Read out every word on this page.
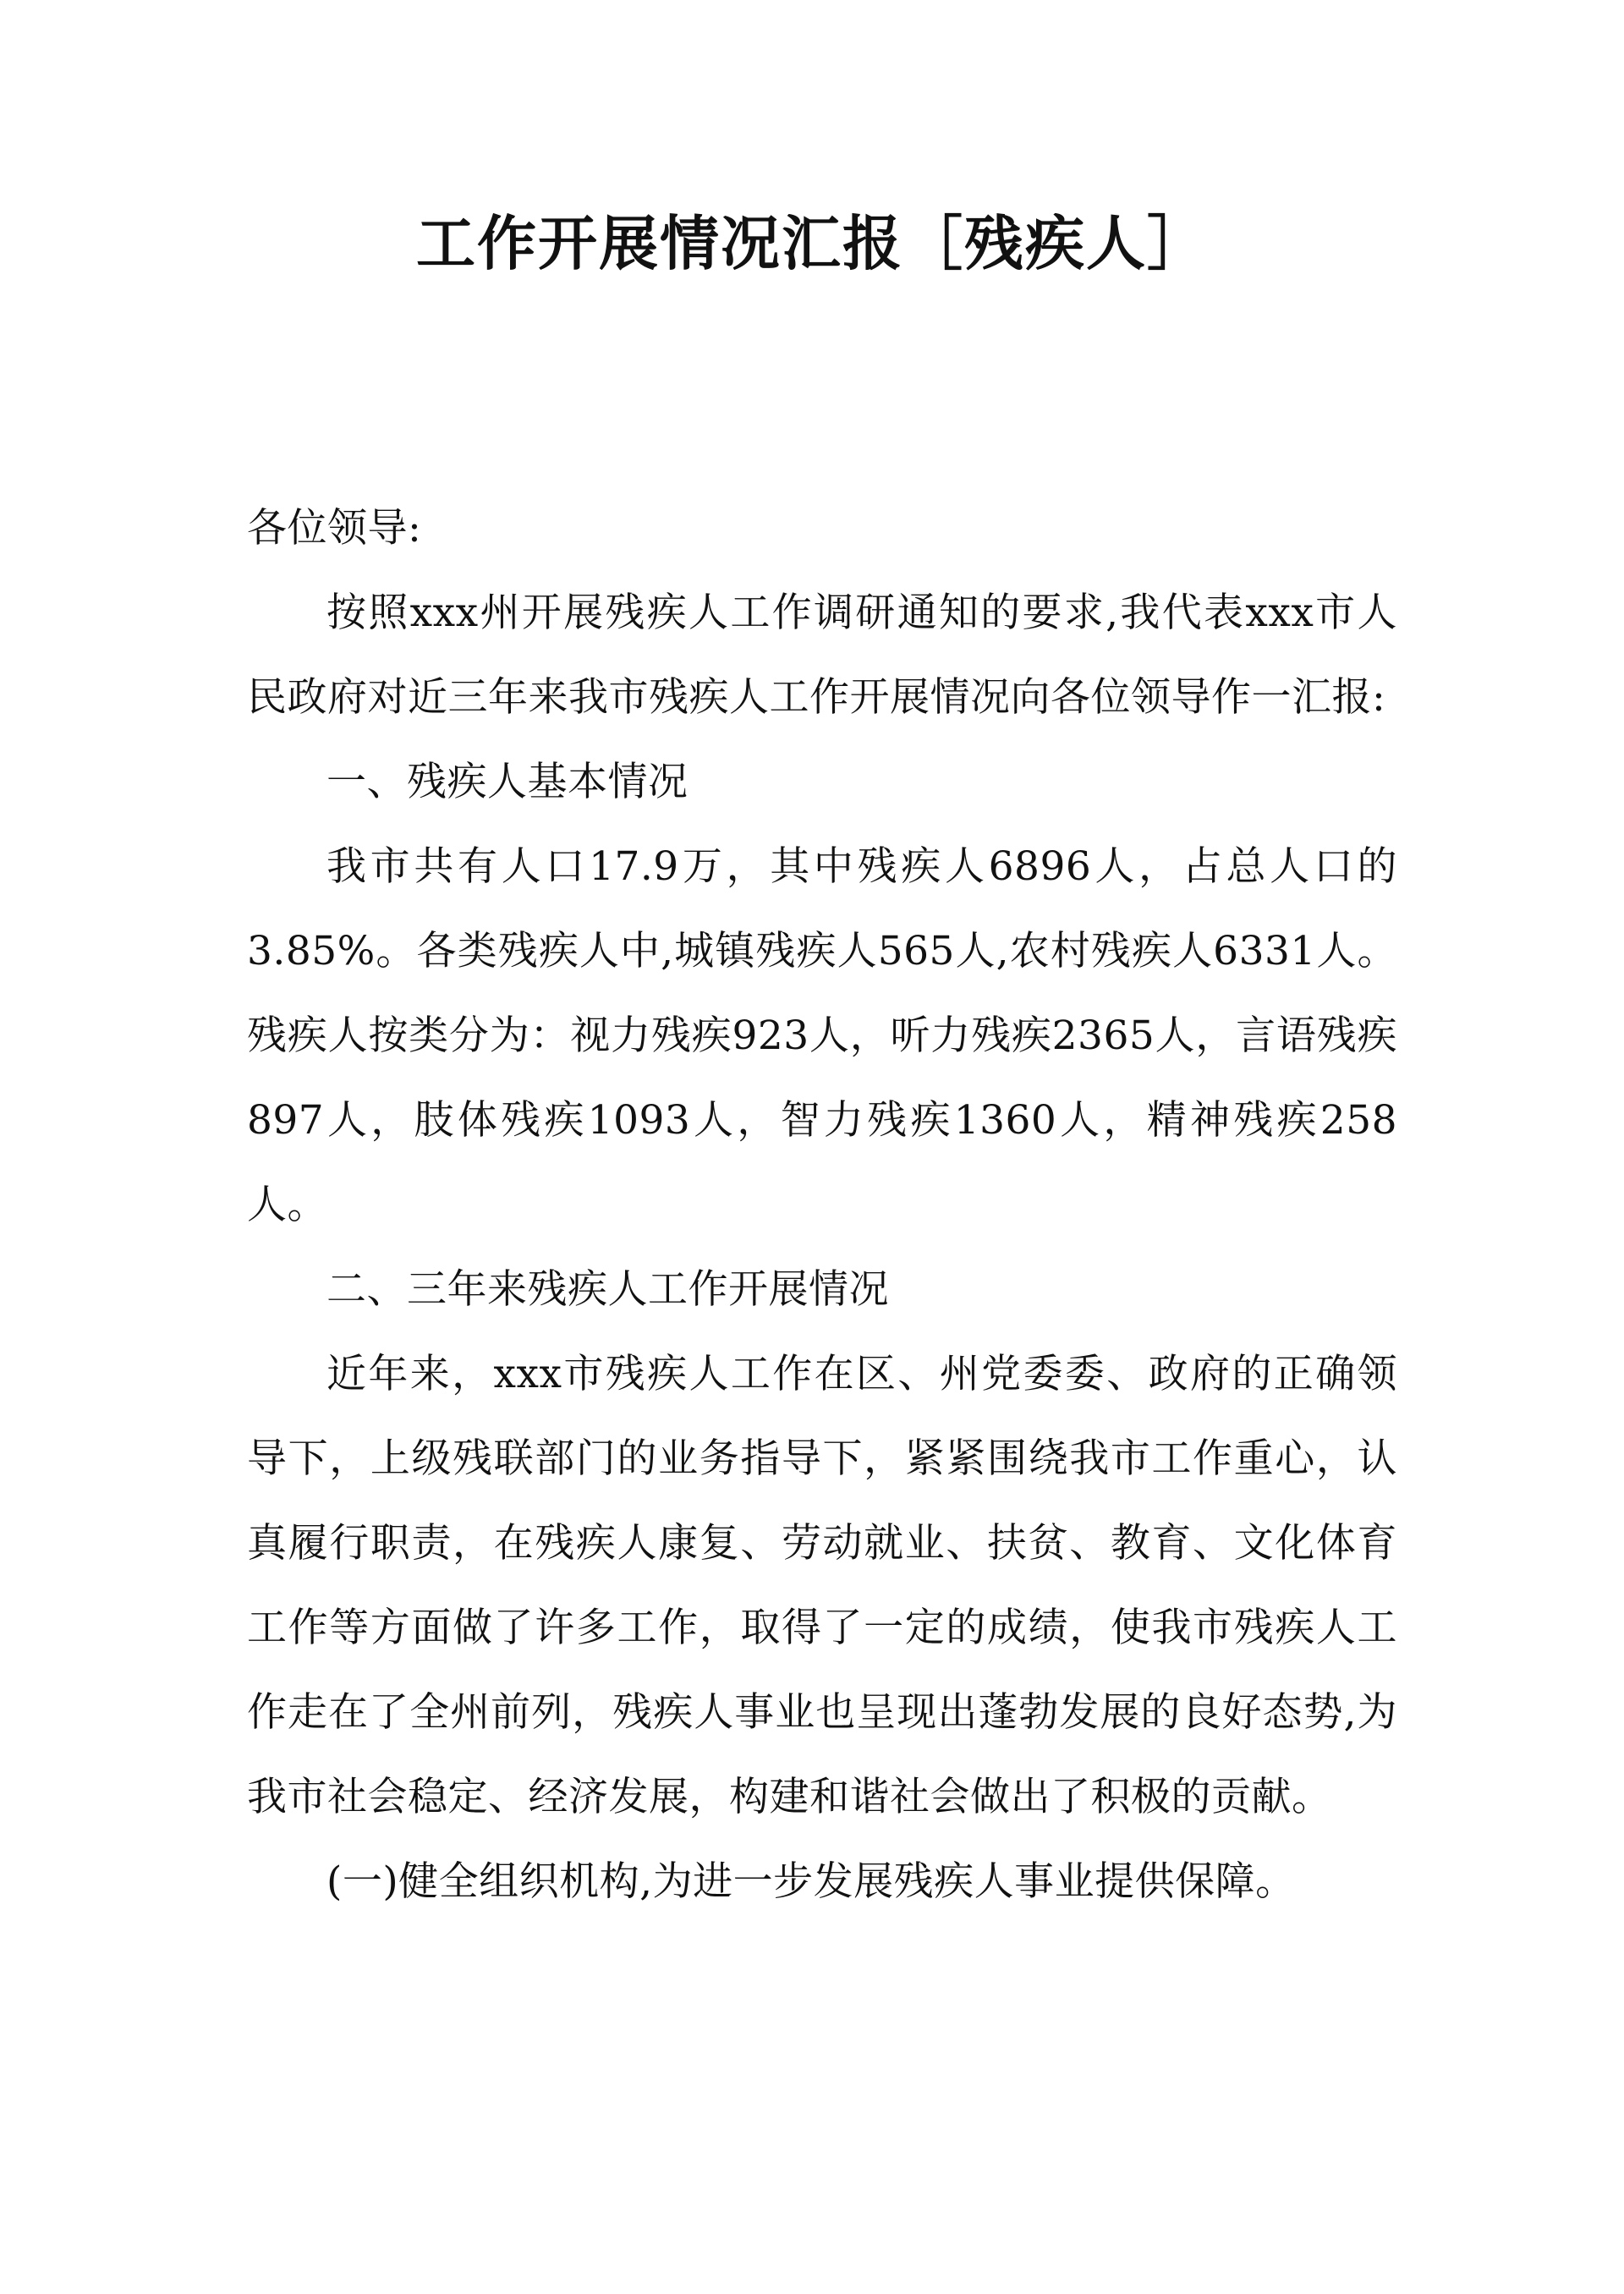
工作开展情况汇报［残疾人］

各位领导:

按照xxx州开展残疾人工作调研通知的要求,我代表xxx市人民政府对近三年来我市残疾人工作开展情况向各位领导作一汇报:

一、残疾人基本情况

我市共有人口17.9万，其中残疾人6896人，占总人口的3.85%。各类残疾人中,城镇残疾人565人,农村残疾人6331人。残疾人按类分为：视力残疾923人，听力残疾2365人，言语残疾897人，肢体残疾1093人，智力残疾1360人，精神残疾258人。

二、三年来残疾人工作开展情况

近年来，xxx市残疾人工作在区、州党委委、政府的正确领导下，上级残联部门的业务指导下，紧紧围绕我市工作重心，认真履行职责，在残疾人康复、劳动就业、扶贫、教育、文化体育工作等方面做了许多工作，取得了一定的成绩，使我市残疾人工作走在了全州前列，残疾人事业也呈现出蓬勃发展的良好态势,为我市社会稳定、经济发展，构建和谐社会做出了积极的贡献。

(一)健全组织机构,为进一步发展残疾人事业提供保障。
